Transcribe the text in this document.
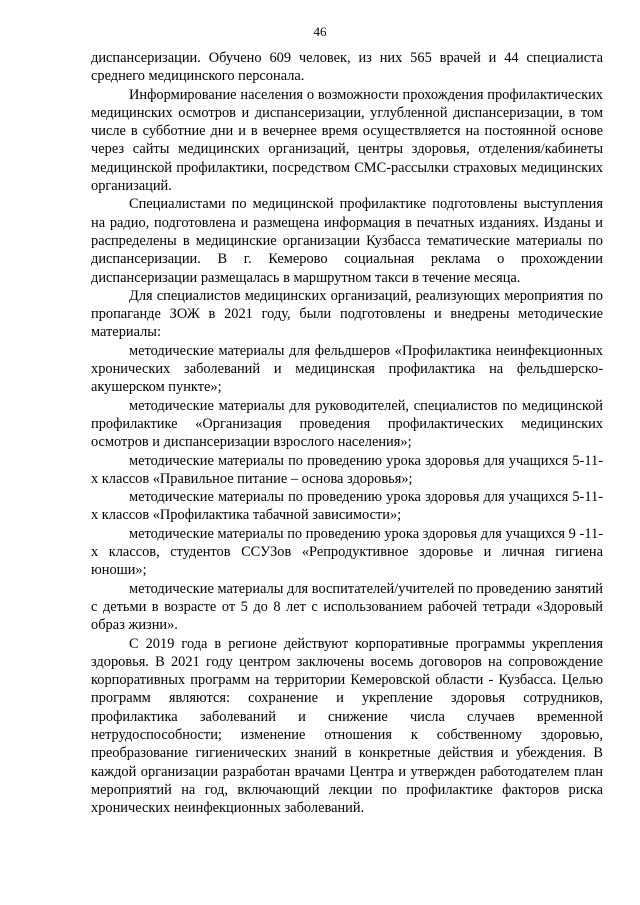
46

диспансеризации. Обучено 609 человек, из них 565 врачей и 44 специалиста среднего медицинского персонала.

Информирование населения о возможности прохождения профилактических медицинских осмотров и диспансеризации, углубленной диспансеризации, в том числе в субботние дни и в вечернее время осуществляется на постоянной основе через сайты медицинских организаций, центры здоровья, отделения/кабинеты медицинской профилактики, посредством СМС-рассылки страховых медицинских организаций.

Специалистами по медицинской профилактике подготовлены выступления на радио, подготовлена и размещена информация в печатных изданиях. Изданы и распределены в медицинские организации Кузбасса тематические материалы по диспансеризации. В г. Кемерово социальная реклама о прохождении диспансеризации размещалась в маршрутном такси в течение месяца.

Для специалистов медицинских организаций, реализующих мероприятия по пропаганде ЗОЖ в 2021 году, были подготовлены и внедрены методические материалы:

методические материалы для фельдшеров «Профилактика неинфекционных хронических заболеваний и медицинская профилактика на фельдшерско-акушерском пункте»;

методические материалы для руководителей, специалистов по медицинской профилактике «Организация проведения профилактических медицинских осмотров и диспансеризации взрослого населения»;

методические материалы по проведению урока здоровья для учащихся 5-11-х классов «Правильное питание – основа здоровья»;

методические материалы по проведению урока здоровья для учащихся 5-11-х классов «Профилактика табачной зависимости»;

методические материалы по проведению урока здоровья для учащихся 9 -11-х классов, студентов ССУЗов «Репродуктивное здоровье и личная гигиена юноши»;

методические материалы для воспитателей/учителей по проведению занятий с детьми в возрасте от 5 до 8 лет с использованием рабочей тетради «Здоровый образ жизни».

С 2019 года в регионе действуют корпоративные программы укрепления здоровья. В 2021 году центром заключены восемь договоров на сопровождение корпоративных программ на территории Кемеровской области - Кузбасса. Целью программ являются: сохранение и укрепление здоровья сотрудников, профилактика заболеваний и снижение числа случаев временной нетрудоспособности; изменение отношения к собственному здоровью, преобразование гигиенических знаний в конкретные действия и убеждения. В каждой организации разработан врачами Центра и утвержден работодателем план мероприятий на год, включающий лекции по профилактике факторов риска хронических неинфекционных заболеваний.
